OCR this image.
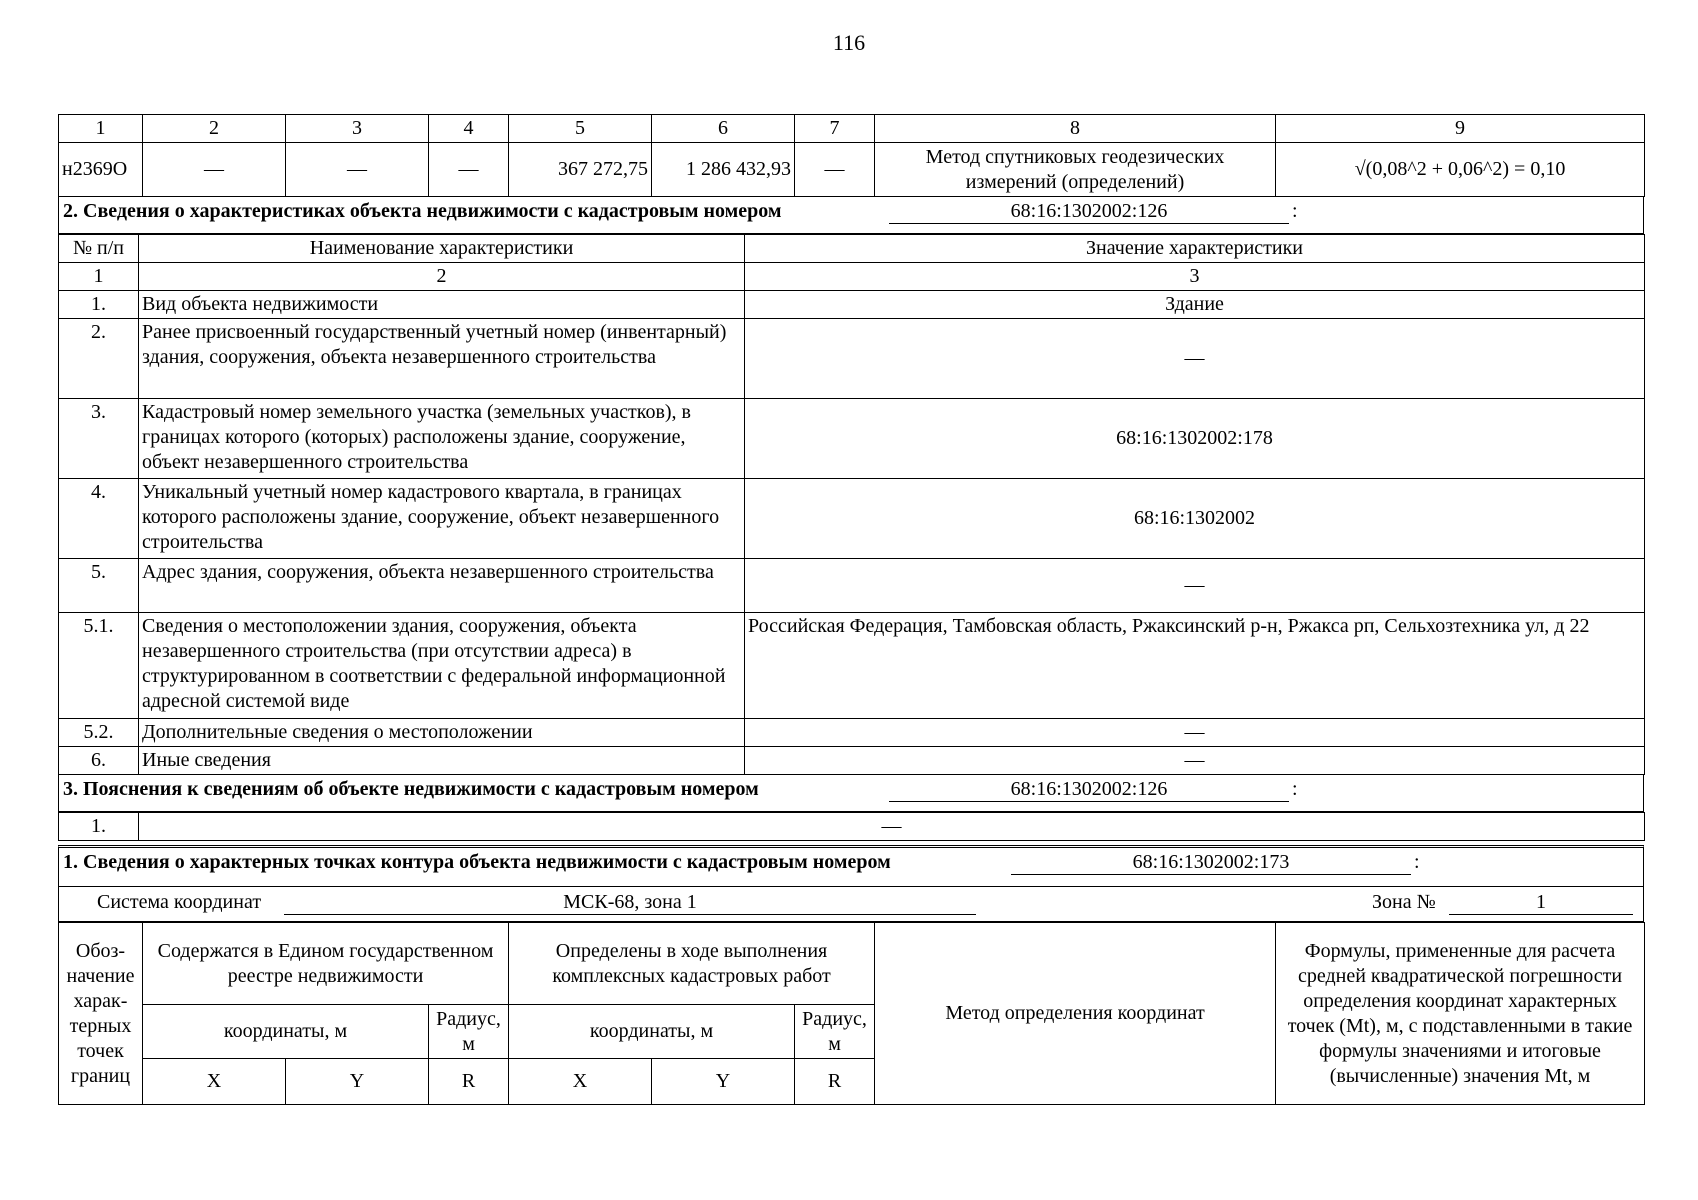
116
1	2	3	4	5	6	7	8	9
н2369О	—	—	—	367 272,75	1 286 432,93	—	Метод спутниковых геодезических измерений (определений)	√(0,08^2 + 0,06^2) = 0,10
2. Сведения о характеристиках объекта недвижимости с кадастровым номером	68:16:1302002:126	:
№ п/п	Наименование характеристики	Значение характеристики
1	2	3
1.	Вид объекта недвижимости	Здание
2.	Ранее присвоенный государственный учетный номер (инвентарный) здания, сооружения, объекта незавершенного строительства	—
3.	Кадастровый номер земельного участка (земельных участков), в границах которого (которых) расположены здание, сооружение, объект незавершенного строительства	68:16:1302002:178
4.	Уникальный учетный номер кадастрового квартала, в границах которого расположены здание, сооружение, объект незавершенного строительства	68:16:1302002
5.	Адрес здания, сооружения, объекта незавершенного строительства	—
5.1.	Сведения о местоположении здания, сооружения, объекта незавершенного строительства (при отсутствии адреса) в структурированном в соответствии с федеральной информационной адресной системой виде	Российская Федерация, Тамбовская область, Ржаксинский р-н, Ржакса рп, Сельхозтехника ул, д 22
5.2.	Дополнительные сведения о местоположении	—
6.	Иные сведения	—
3. Пояснения к сведениям об объекте недвижимости с кадастровым номером	68:16:1302002:126	:
1.	—
1. Сведения о характерных точках контура объекта недвижимости с кадастровым номером	68:16:1302002:173	:
Система координат	МСК-68, зона 1	Зона №	1
Обоз-начение харак-терных точек границ	Содержатся в Едином государственном реестре недвижимости			Определены в ходе выполнения комплексных кадастровых работ			Метод определения координат	Формулы, примененные для расчета средней квадратической погрешности определения координат характерных точек (Mt), м, с подставленными в такие формулы значениями и итоговые (вычисленные) значения Mt, м
	координаты, м		Радиус, м	координаты, м		Радиус, м		
	X	Y	R	X	Y	R		
